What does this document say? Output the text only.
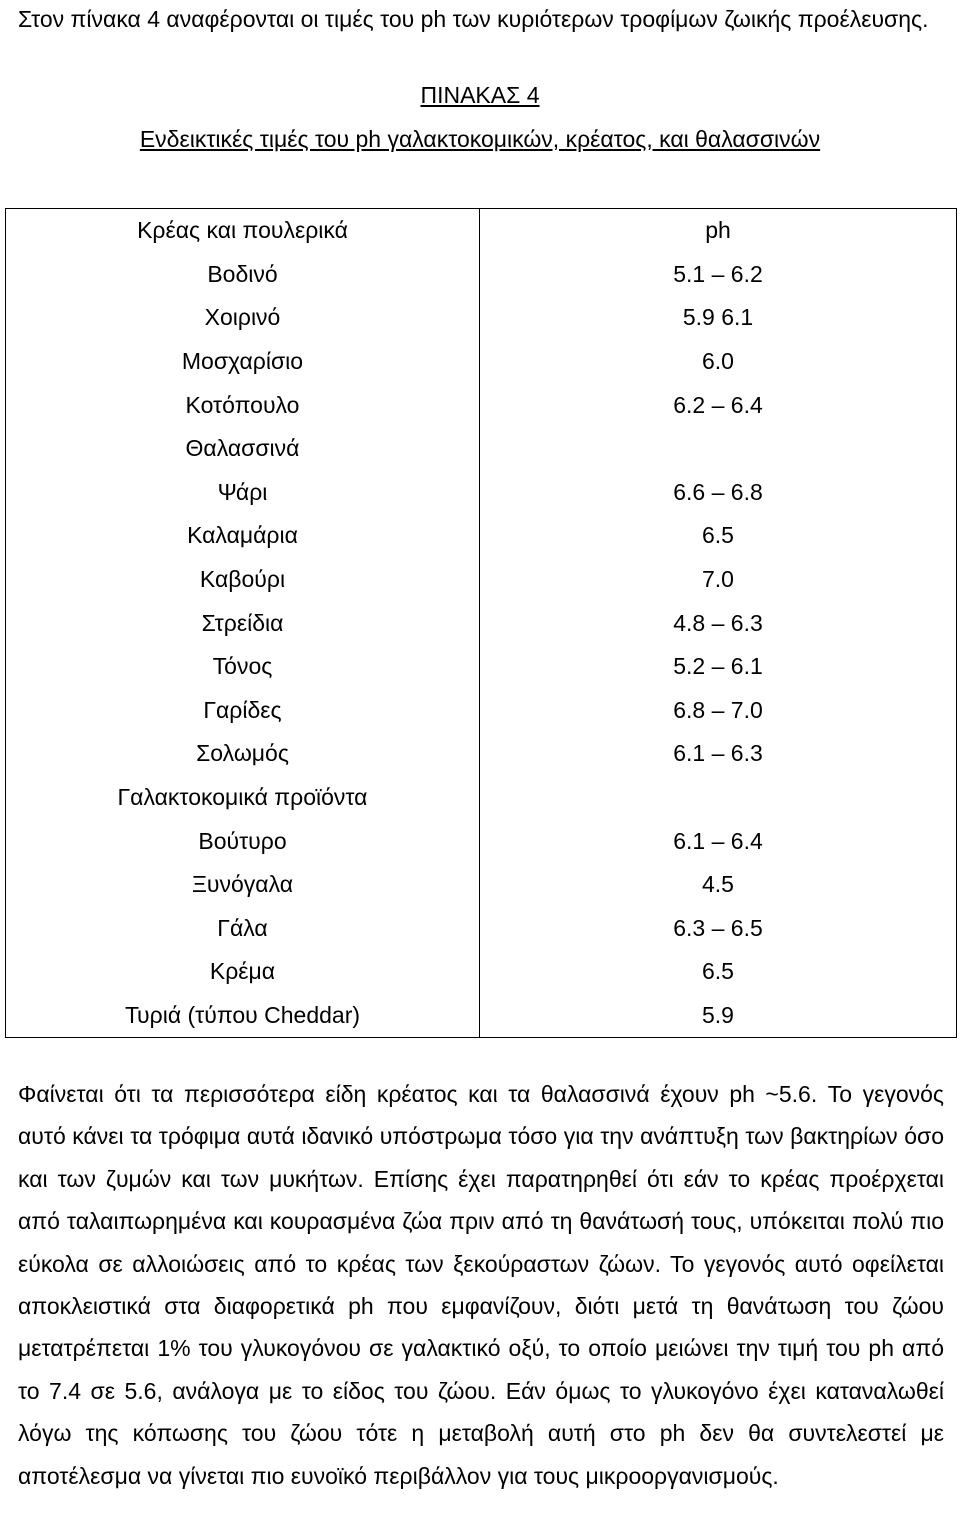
Στον πίνακα 4 αναφέρονται οι τιμές του ph των κυριότερων τροφίμων ζωικής προέλευσης.

ΠΙΝΑΚΑΣ 4

Ενδεικτικές τιμές του ph γαλακτοκομικών, κρέατος, και θαλασσινών

Κρέας και πουλερικά	ph
Βοδινό	5.1 – 6.2
Χοιρινό	5.9 6.1
Μοσχαρίσιο	6.0
Κοτόπουλο	6.2 – 6.4
Θαλασσινά	
Ψάρι	6.6 – 6.8
Καλαμάρια	6.5
Καβούρι	7.0
Στρείδια	4.8 – 6.3
Τόνος	5.2 – 6.1
Γαρίδες	6.8 – 7.0
Σολωμός	6.1 – 6.3
Γαλακτοκομικά προϊόντα	
Βούτυρο	6.1 – 6.4
Ξυνόγαλα	4.5
Γάλα	6.3 – 6.5
Κρέμα	6.5
Τυριά (τύπου Cheddar)	5.9

Φαίνεται ότι τα περισσότερα είδη κρέατος και τα θαλασσινά έχουν ph ~5.6. Το γεγονός αυτό κάνει τα τρόφιμα αυτά ιδανικό υπόστρωμα τόσο για την ανάπτυξη των βακτηρίων όσο και των ζυμών και των μυκήτων. Επίσης έχει παρατηρηθεί ότι εάν το κρέας προέρχεται από ταλαιπωρημένα και κουρασμένα ζώα πριν από τη θανάτωσή τους, υπόκειται πολύ πιο εύκολα σε αλλοιώσεις από το κρέας των ξεκούραστων ζώων. Το γεγονός αυτό οφείλεται αποκλειστικά στα διαφορετικά ph που εμφανίζουν, διότι μετά τη θανάτωση του ζώου μετατρέπεται 1% του γλυκογόνου σε γαλακτικό οξύ, το οποίο μειώνει την τιμή του ph από το 7.4 σε 5.6, ανάλογα με το είδος του ζώου. Εάν όμως το γλυκογόνο έχει καταναλωθεί λόγω της κόπωσης του ζώου τότε η μεταβολή αυτή στο ph δεν θα συντελεστεί με αποτέλεσμα να γίνεται πιο ευνοϊκό περιβάλλον για τους μικροοργανισμούς.
